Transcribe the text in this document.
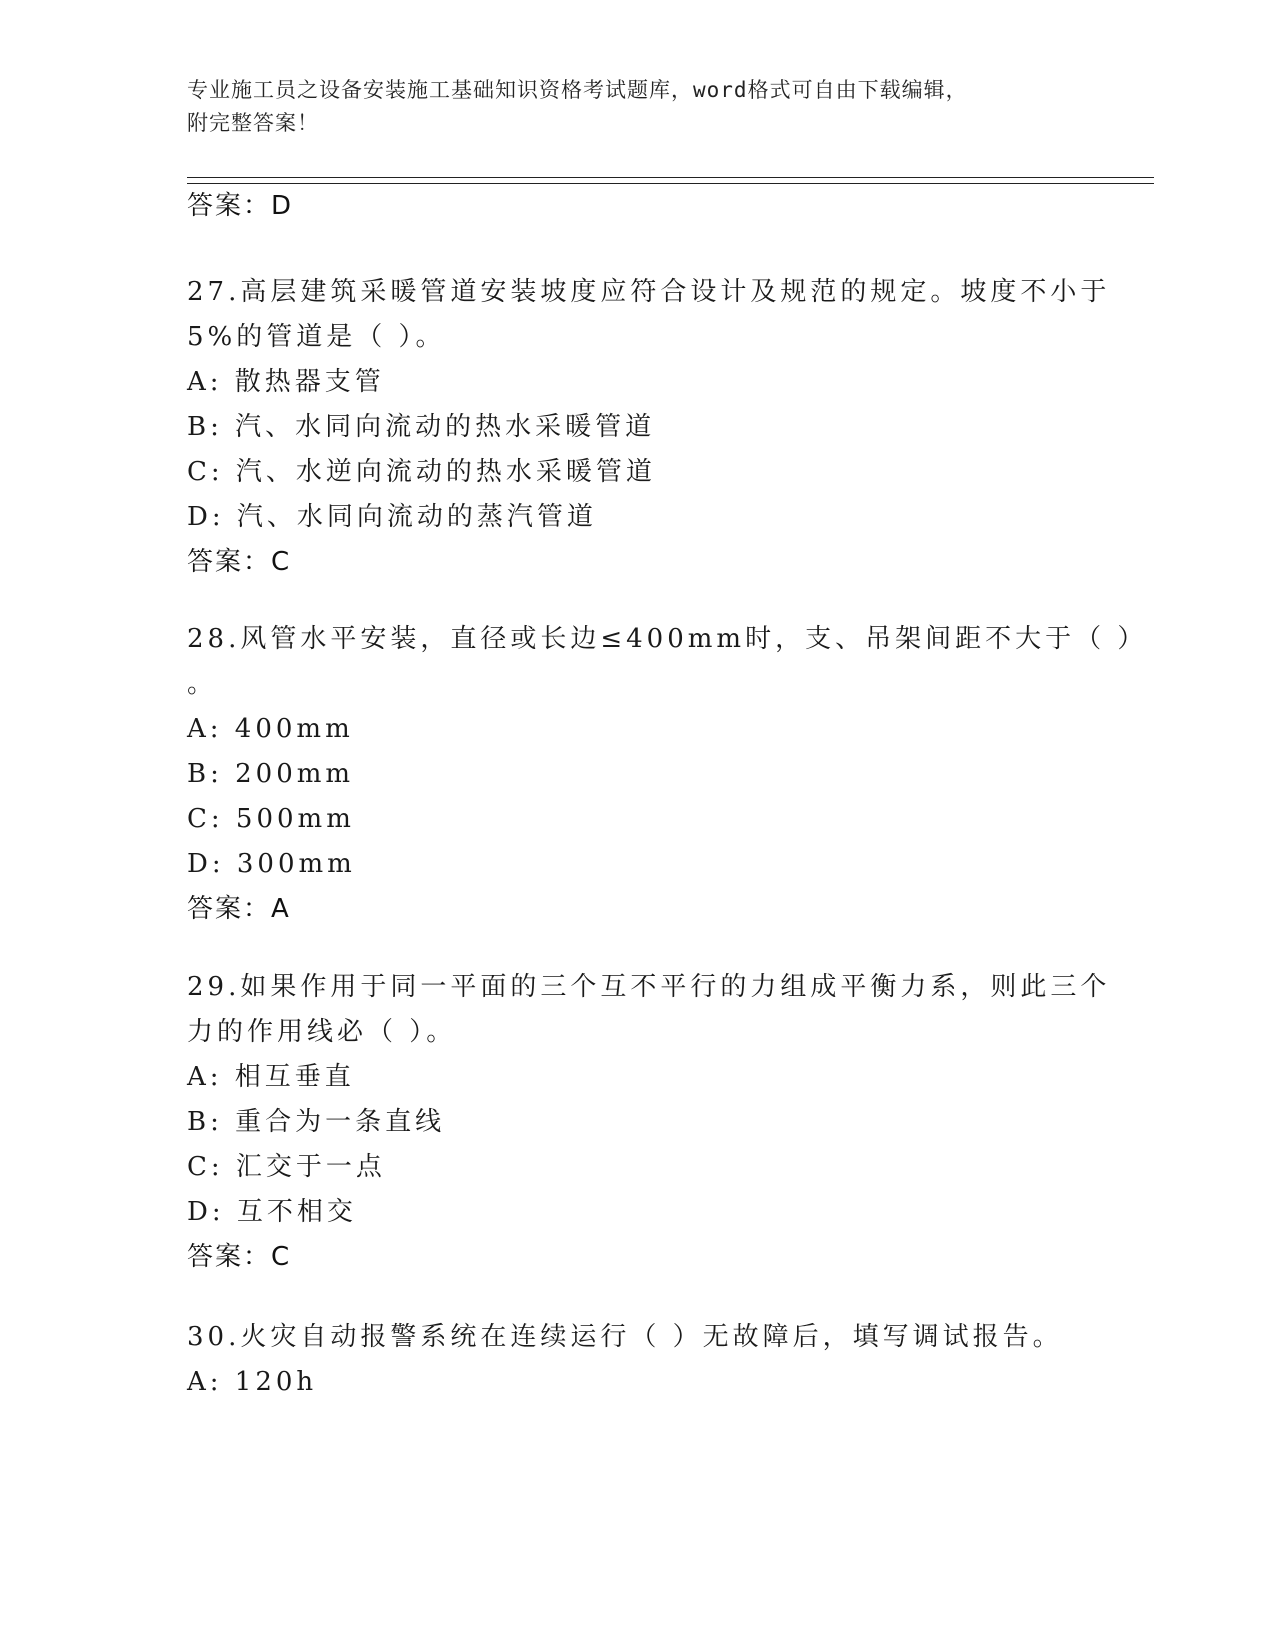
专业施工员之设备安装施工基础知识资格考试题库，word格式可自由下载编辑，
附完整答案！
答案：D
27.高层建筑采暖管道安装坡度应符合设计及规范的规定。坡度不小于
5%的管道是（ ）。
A: 散热器支管
B: 汽、水同向流动的热水采暖管道
C: 汽、水逆向流动的热水采暖管道
D: 汽、水同向流动的蒸汽管道
答案：C
28.风管水平安装，直径或长边≤400mm时，支、吊架间距不大于（ ）
。
A: 400mm
B: 200mm
C: 500mm
D: 300mm
答案：A
29.如果作用于同一平面的三个互不平行的力组成平衡力系，则此三个
力的作用线必（ ）。
A: 相互垂直
B: 重合为一条直线
C: 汇交于一点
D: 互不相交
答案：C
30.火灾自动报警系统在连续运行（ ）无故障后，填写调试报告。
A: 120h
